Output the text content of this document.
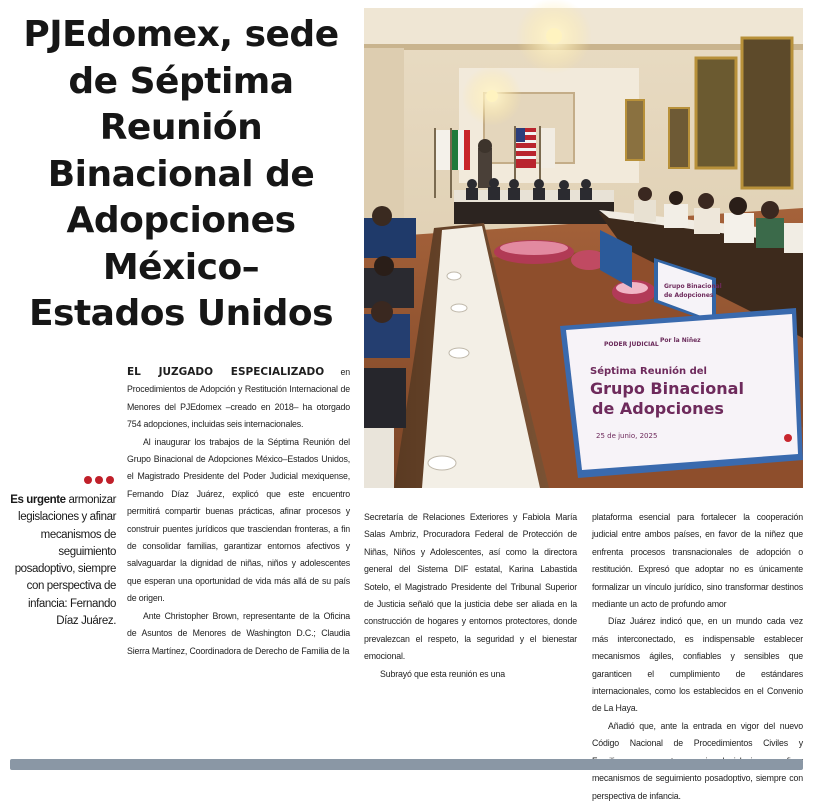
PJEdomex, sede
de Séptima
Reunión
Binacional de
Adopciones
México–
Estados Unidos
PODER JUDICIAL
Por la Niñez
Séptima Reunión del
Grupo Binacional
de Adopciones
25 de junio, 2025
Grupo Binacional
de Adopciones

EL JUZGADO ESPECIALIZADO en Procedimientos de Adopción y Restitución Internacional de Menores del PJEdomex –creado en 2018– ha otorgado 754 adopciones, incluidas seis internacionales.

Al inaugurar los trabajos de la Séptima Reunión del Grupo Binacional de Adopciones México–Estados Unidos, el Magistrado Presidente del Poder Judicial mexiquense, Fernando Díaz Juárez, explicó que este encuentro permitirá compartir buenas prácticas, afinar procesos y construir puentes jurídicos que trasciendan fronteras, a fin de consolidar familias, garantizar entornos afectivos y salvaguardar la dignidad de niñas, niños y adolescentes que esperan una oportunidad de vida más allá de su país de origen.

Ante Christopher Brown, representante de la Oficina de Asuntos de Menores de Washington D.C.; Claudia Sierra Martínez, Coordinadora de Derecho de Familia de la

Secretaría de Relaciones Exteriores y Fabiola María Salas Ambriz, Procuradora Federal de Protección de Niñas, Niños y Adolescentes, así como la directora general del Sistema DIF estatal, Karina Labastida Sotelo, el Magistrado Presidente del Tribunal Superior de Justicia señaló que la justicia debe ser aliada en la construcción de hogares y entornos protectores, donde prevalezcan el respeto, la seguridad y el bienestar emocional.

Subrayó que esta reunión es una

plataforma esencial para fortalecer la cooperación judicial entre ambos países, en favor de la niñez que enfrenta procesos transnacionales de adopción o restitución. Expresó que adoptar no es únicamente formalizar un vínculo jurídico, sino transformar destinos mediante un acto de profundo amor

Díaz Juárez indicó que, en un mundo cada vez más interconectado, es indispensable establecer mecanismos ágiles, confiables y sensibles que garanticen el cumplimiento de estándares internacionales, como los establecidos en el Convenio de La Haya.

Añadió que, ante la entrada en vigor del nuevo Código Nacional de Procedimientos Civiles y mecanismos de seguimiento posadoptivo, siempre con perspectiva de infancia.

Es urgente armonizar legislaciones y afinar mecanismos de seguimiento posadoptivo, siempre con perspectiva de infancia: Fernando Díaz Juárez.
